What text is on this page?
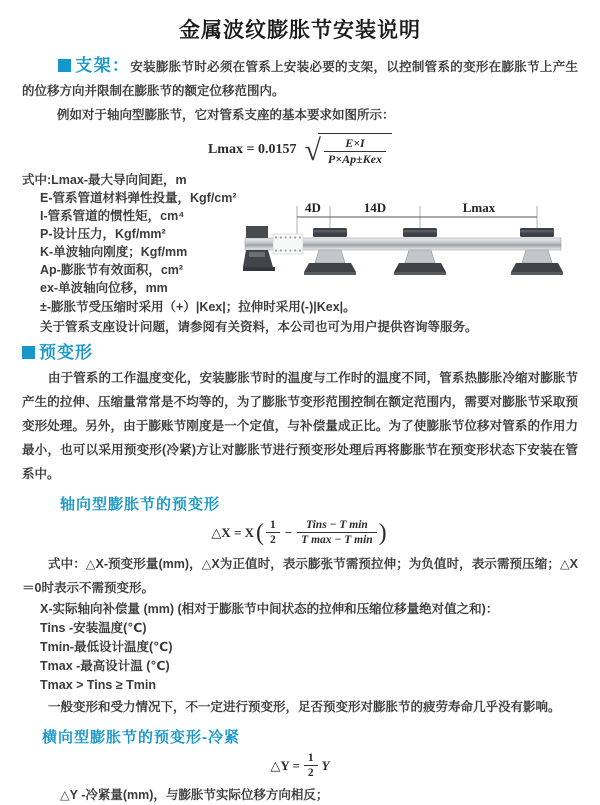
金属波纹膨胀节安装说明

支架：安装膨胀节时必须在管系上安装必要的支架，以控制管系的变形在膨胀节上产生的位移方向并限制在膨胀节的额定位移范围内。

例如对于轴向型膨胀节，它对管系支座的基本要求如图所示：

Lmax = 0.0157 √ $\frac{E\times I}{\text{P×Ap±Kex}}$
式中:Lmax-最大导向间距，m
E-管系管道材料弹性投量，Kgf/cm²
I-管系管道的惯性矩，cm⁴
P-设计压力，Kgf/mm²
K-单波轴向刚度；Kgf/mm
Ap-膨胀节有效面积，cm²
ex-单波轴向位移，mm
4D	14D	Lmax

±-膨胀节受压缩时采用（+）|Kex|；拉伸时采用(-)|Kex|。

关于管系支座设计问题，请参阅有关资料，本公司也可为用户提供咨询等服务。

预变形

由于管系的工作温度变化，安装膨胀节时的温度与工作时的温度不同，管系热膨胀冷缩对膨胀节产生的拉伸、压缩量常常是不均等的，为了膨胀节变形范围控制在额定范围内，需要对膨胀节采取预变形处理。另外，由于膨账节刚度是一个定值，与补偿量成正比。为了使膨胀节位移对管系的作用力最小，也可以采用预变形(冷紧)方让对膨胀节进行预变形处理后再将膨胀节在预变形状态下安装在管系中。

轴向型膨胀节的预变形
△X = X ( $\frac{1}{2} - \frac{\text{Tins − T min}}{\text{T max − T min}}$ )

式中：△X-预变形量(mm)，△X为正值时，表示膨张节需预拉伸；为负值时，表示需预压缩；△X＝0时表示不需预变形。

X-实际轴向补偿量 (mm) (相对于膨胀节中间状态的拉伸和压缩位移量绝对值之和)：
Tins -安装温度(℃)
Tmin-最低设计温度(℃)
Tmax -最高设计温 (℃)
Tmax > Tins ≥ Tmin

一般变形和受力情况下，不一定进行预变形，足否预变形对膨胀节的疲劳寿命几乎没有影响。

横向型膨胀节的预变形-冷紧
△Y = $\frac{1}{2}$ Y

△Y -冷紧量(mm)，与膨胀节实际位移方向相反；
